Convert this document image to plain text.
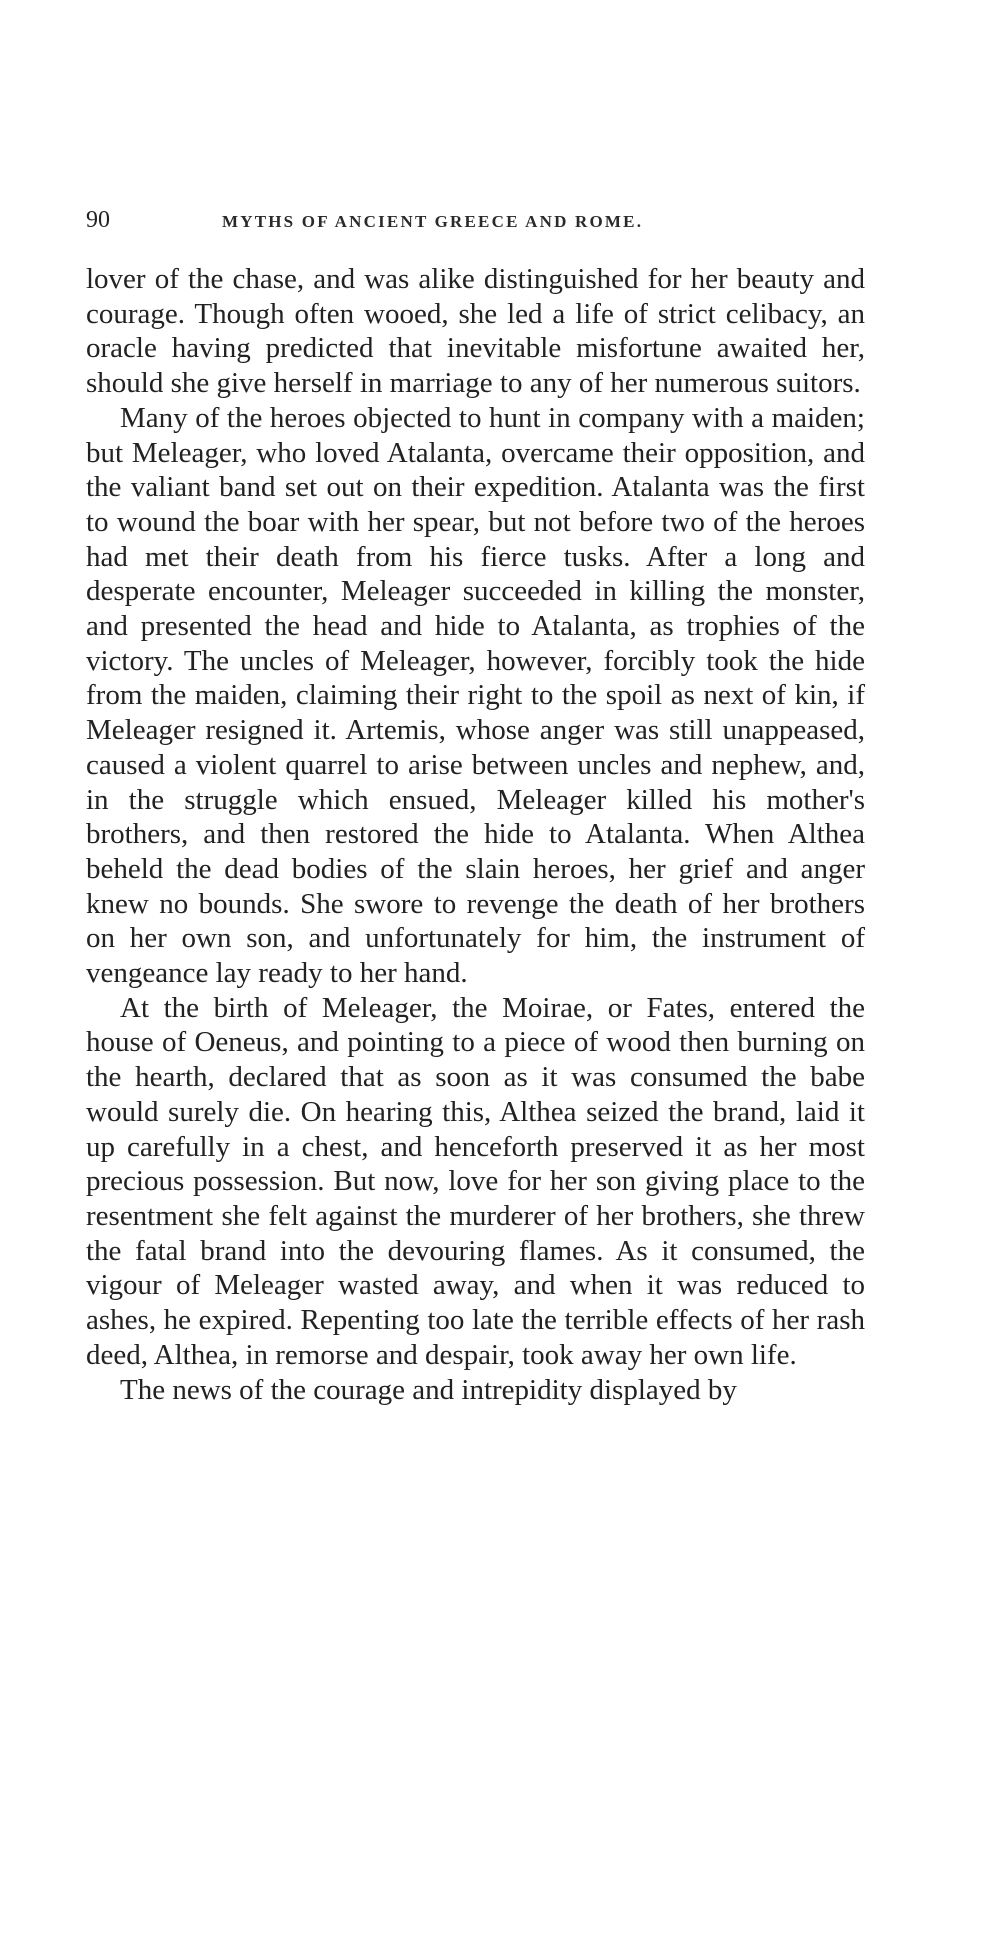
90	MYTHS OF ANCIENT GREECE AND ROME.

lover of the chase, and was alike distinguished for her beauty and courage. Though often wooed, she led a life of strict celibacy, an oracle having predicted that inevitable misfortune awaited her, should she give herself in marriage to any of her numerous suitors.

Many of the heroes objected to hunt in company with a maiden; but Meleager, who loved Atalanta, overcame their opposition, and the valiant band set out on their expedition. Atalanta was the first to wound the boar with her spear, but not before two of the heroes had met their death from his fierce tusks. After a long and desperate encounter, Meleager succeeded in killing the monster, and presented the head and hide to Atalanta, as trophies of the victory. The uncles of Meleager, however, forcibly took the hide from the maiden, claiming their right to the spoil as next of kin, if Meleager resigned it. Artemis, whose anger was still unappeased, caused a violent quarrel to arise between uncles and nephew, and, in the struggle which ensued, Meleager killed his mother's brothers, and then restored the hide to Atalanta. When Althea beheld the dead bodies of the slain heroes, her grief and anger knew no bounds. She swore to revenge the death of her brothers on her own son, and unfortunately for him, the instrument of vengeance lay ready to her hand.

At the birth of Meleager, the Moirae, or Fates, entered the house of Oeneus, and pointing to a piece of wood then burning on the hearth, declared that as soon as it was consumed the babe would surely die. On hearing this, Althea seized the brand, laid it up carefully in a chest, and henceforth preserved it as her most precious possession. But now, love for her son giving place to the resentment she felt against the murderer of her brothers, she threw the fatal brand into the devouring flames. As it consumed, the vigour of Meleager wasted away, and when it was reduced to ashes, he expired. Repenting too late the terrible effects of her rash deed, Althea, in remorse and despair, took away her own life.

The news of the courage and intrepidity displayed by
